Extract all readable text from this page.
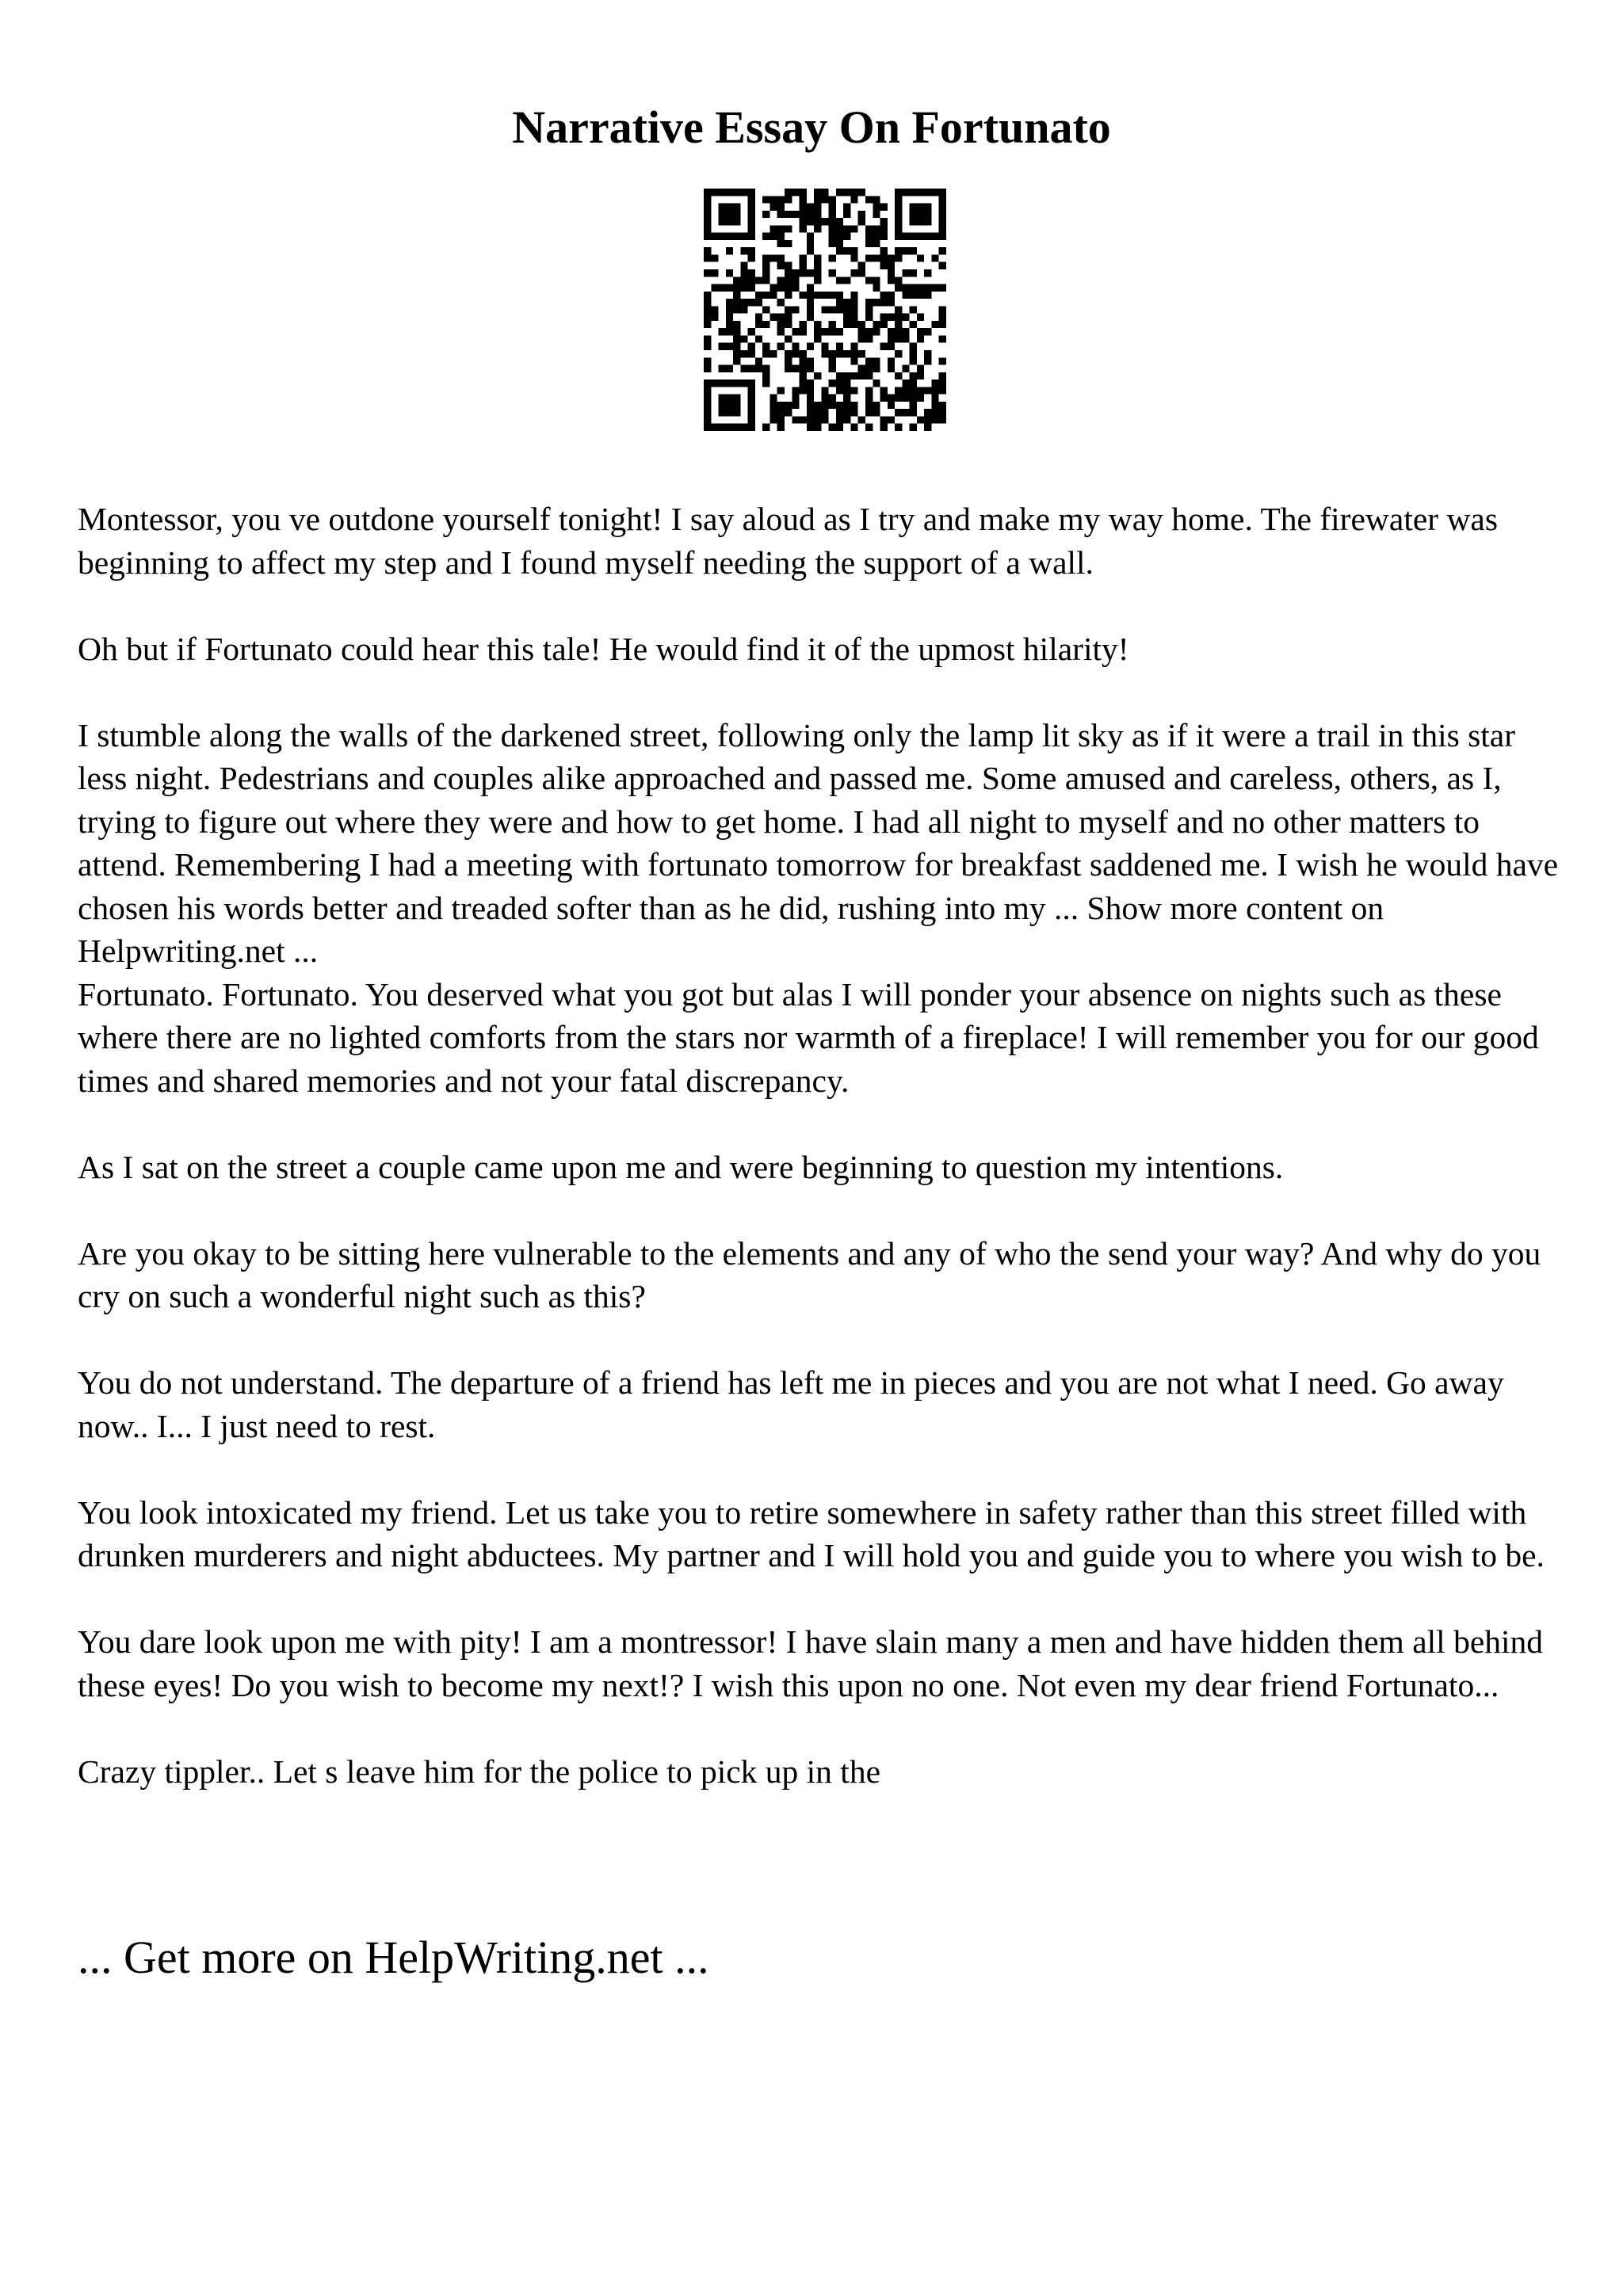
Narrative Essay On Fortunato

Montessor, you ve outdone yourself tonight! I say aloud as I try and make my way home. The firewater was beginning to affect my step and I found myself needing the support of a wall.

Oh but if Fortunato could hear this tale! He would find it of the upmost hilarity!

I stumble along the walls of the darkened street, following only the lamp lit sky as if it were a trail in this star less night. Pedestrians and couples alike approached and passed me. Some amused and careless, others, as I, trying to figure out where they were and how to get home. I had all night to myself and no other matters to attend. Remembering I had a meeting with fortunato tomorrow for breakfast saddened me. I wish he would have chosen his words better and treaded softer than as he did, rushing into my ... Show more content on Helpwriting.net ...

Fortunato. Fortunato. You deserved what you got but alas I will ponder your absence on nights such as these where there are no lighted comforts from the stars nor warmth of a fireplace! I will remember you for our good times and shared memories and not your fatal discrepancy.

As I sat on the street a couple came upon me and were beginning to question my intentions.

Are you okay to be sitting here vulnerable to the elements and any of who the send your way? And why do you cry on such a wonderful night such as this?

You do not understand. The departure of a friend has left me in pieces and you are not what I need. Go away now.. I... I just need to rest.

You look intoxicated my friend. Let us take you to retire somewhere in safety rather than this street filled with drunken murderers and night abductees. My partner and I will hold you and guide you to where you wish to be.

You dare look upon me with pity! I am a montressor! I have slain many a men and have hidden them all behind these eyes! Do you wish to become my next!? I wish this upon no one. Not even my dear friend Fortunato...

Crazy tippler.. Let s leave him for the police to pick up in the

... Get more on HelpWriting.net ...
